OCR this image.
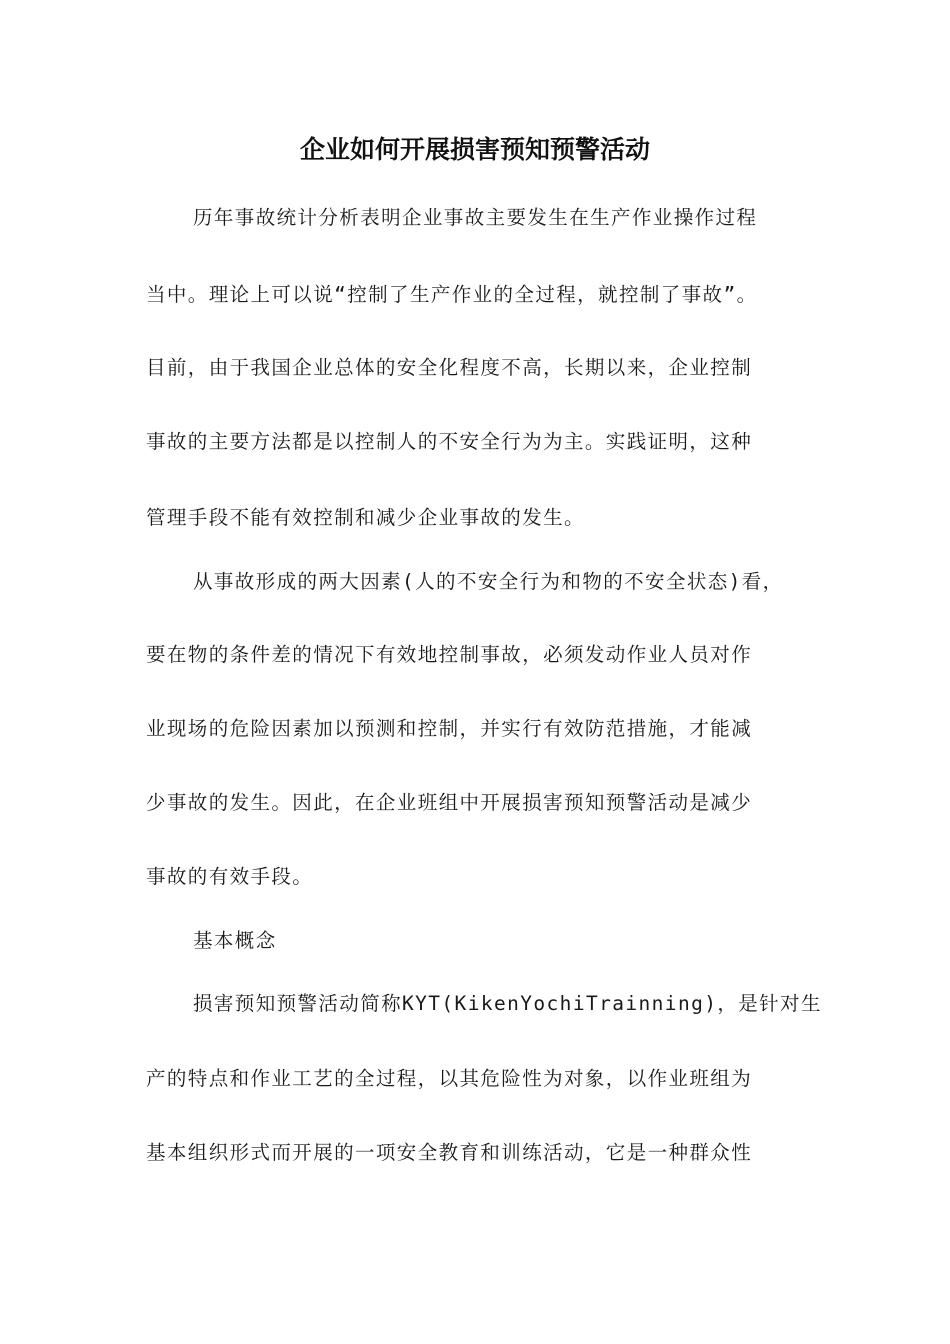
企业如何开展损害预知预警活动
历年事故统计分析表明企业事故主要发生在生产作业操作过程
当中。理论上可以说“控制了生产作业的全过程，就控制了事故”。
目前，由于我国企业总体的安全化程度不高，长期以来，企业控制
事故的主要方法都是以控制人的不安全行为为主。实践证明，这种
管理手段不能有效控制和减少企业事故的发生。
从事故形成的两大因素(人的不安全行为和物的不安全状态)看，
要在物的条件差的情况下有效地控制事故，必须发动作业人员对作
业现场的危险因素加以预测和控制，并实行有效防范措施，才能减
少事故的发生。因此，在企业班组中开展损害预知预警活动是减少
事故的有效手段。
基本概念
损害预知预警活动简称KYT(KikenYochiTrainning)，是针对生
产的特点和作业工艺的全过程，以其危险性为对象，以作业班组为
基本组织形式而开展的一项安全教育和训练活动，它是一种群众性
